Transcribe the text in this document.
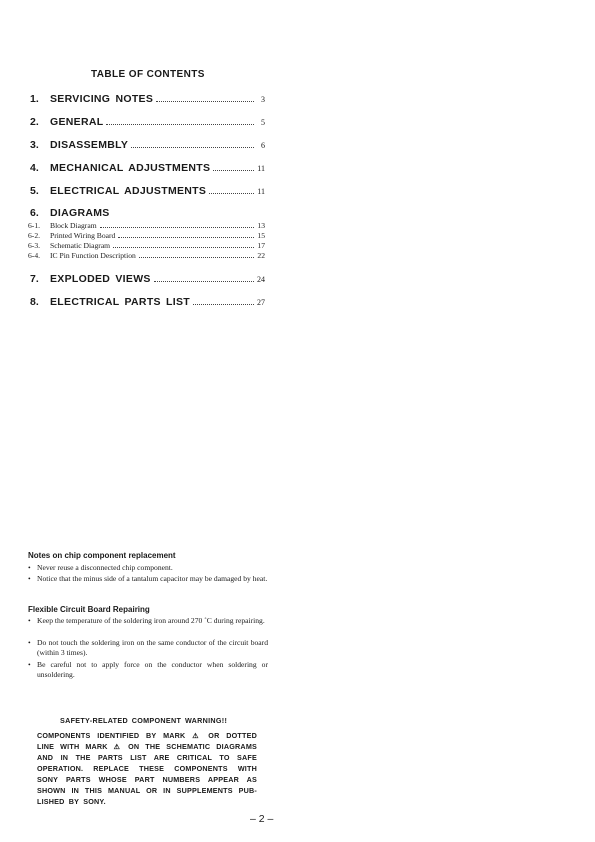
TABLE OF CONTENTS
1.	SERVICING NOTES	3
2.	GENERAL	5
3.	DISASSEMBLY	6
4.	MECHANICAL ADJUSTMENTS	11
5.	ELECTRICAL ADJUSTMENTS	11
6.	DIAGRAMS
6-1.	Block Diagram	13
6-2.	Printed Wiring Board	15
6-3.	Schematic Diagram	17
6-4.	IC Pin Function Description	22
7.	EXPLODED VIEWS	24
8.	ELECTRICAL PARTS LIST	27
Notes on chip component replacement
• Never reuse a disconnected chip component.
• Notice that the minus side of a tantalum capacitor may be damaged by heat.
Flexible Circuit Board Repairing
• Keep the temperature of the soldering iron around 270 ˚C during repairing.
• Do not touch the soldering iron on the same conductor of the circuit board (within 3 times).
• Be careful not to apply force on the conductor when soldering or unsoldering.
SAFETY-RELATED COMPONENT WARNING!!
COMPONENTS IDENTIFIED BY MARK ⚠ OR DOTTED
LINE WITH MARK ⚠ ON THE SCHEMATIC DIAGRAMS
AND IN THE PARTS LIST ARE CRITICAL TO SAFE
OPERATION. REPLACE THESE COMPONENTS WITH
SONY PARTS WHOSE PART NUMBERS APPEAR AS
SHOWN IN THIS MANUAL OR IN SUPPLEMENTS PUB-
LISHED BY SONY.
– 2 –
